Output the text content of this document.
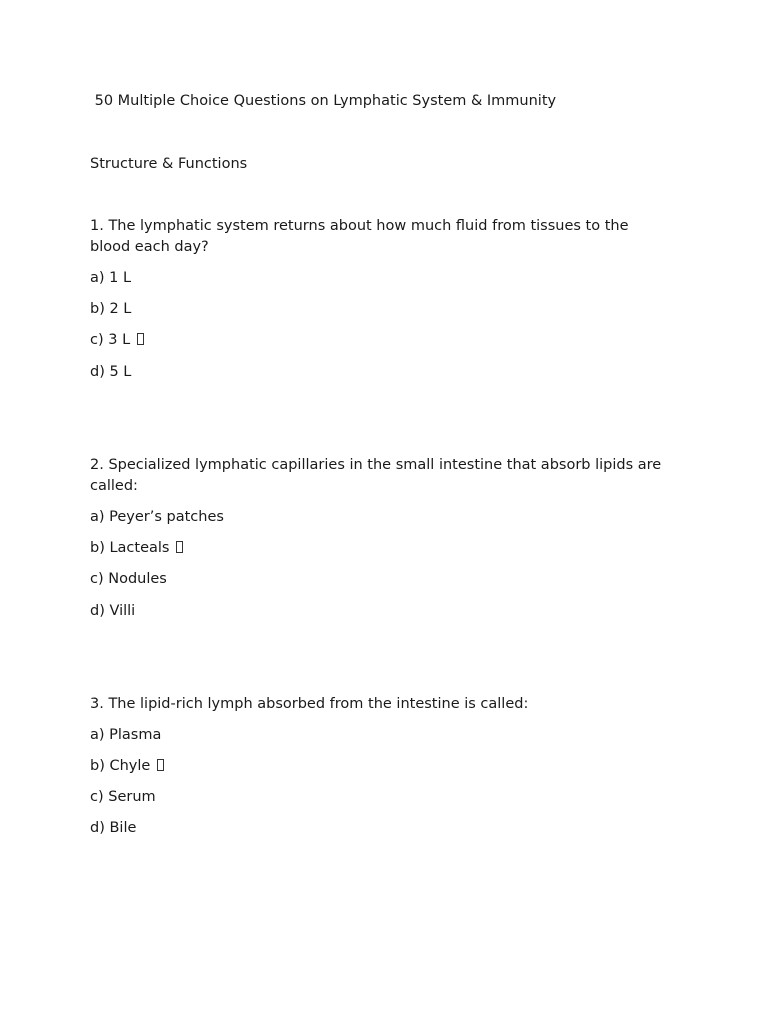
50 Multiple Choice Questions on Lymphatic System & Immunity
Structure & Functions
1. The lymphatic system returns about how much fluid from tissues to the blood each day?
a) 1 L
b) 2 L
c) 3 L
d) 5 L
2. Specialized lymphatic capillaries in the small intestine that absorb lipids are called:
a) Peyer’s patches
b) Lacteals
c) Nodules
d) Villi
3. The lipid-rich lymph absorbed from the intestine is called:
a) Plasma
b) Chyle
c) Serum
d) Bile
